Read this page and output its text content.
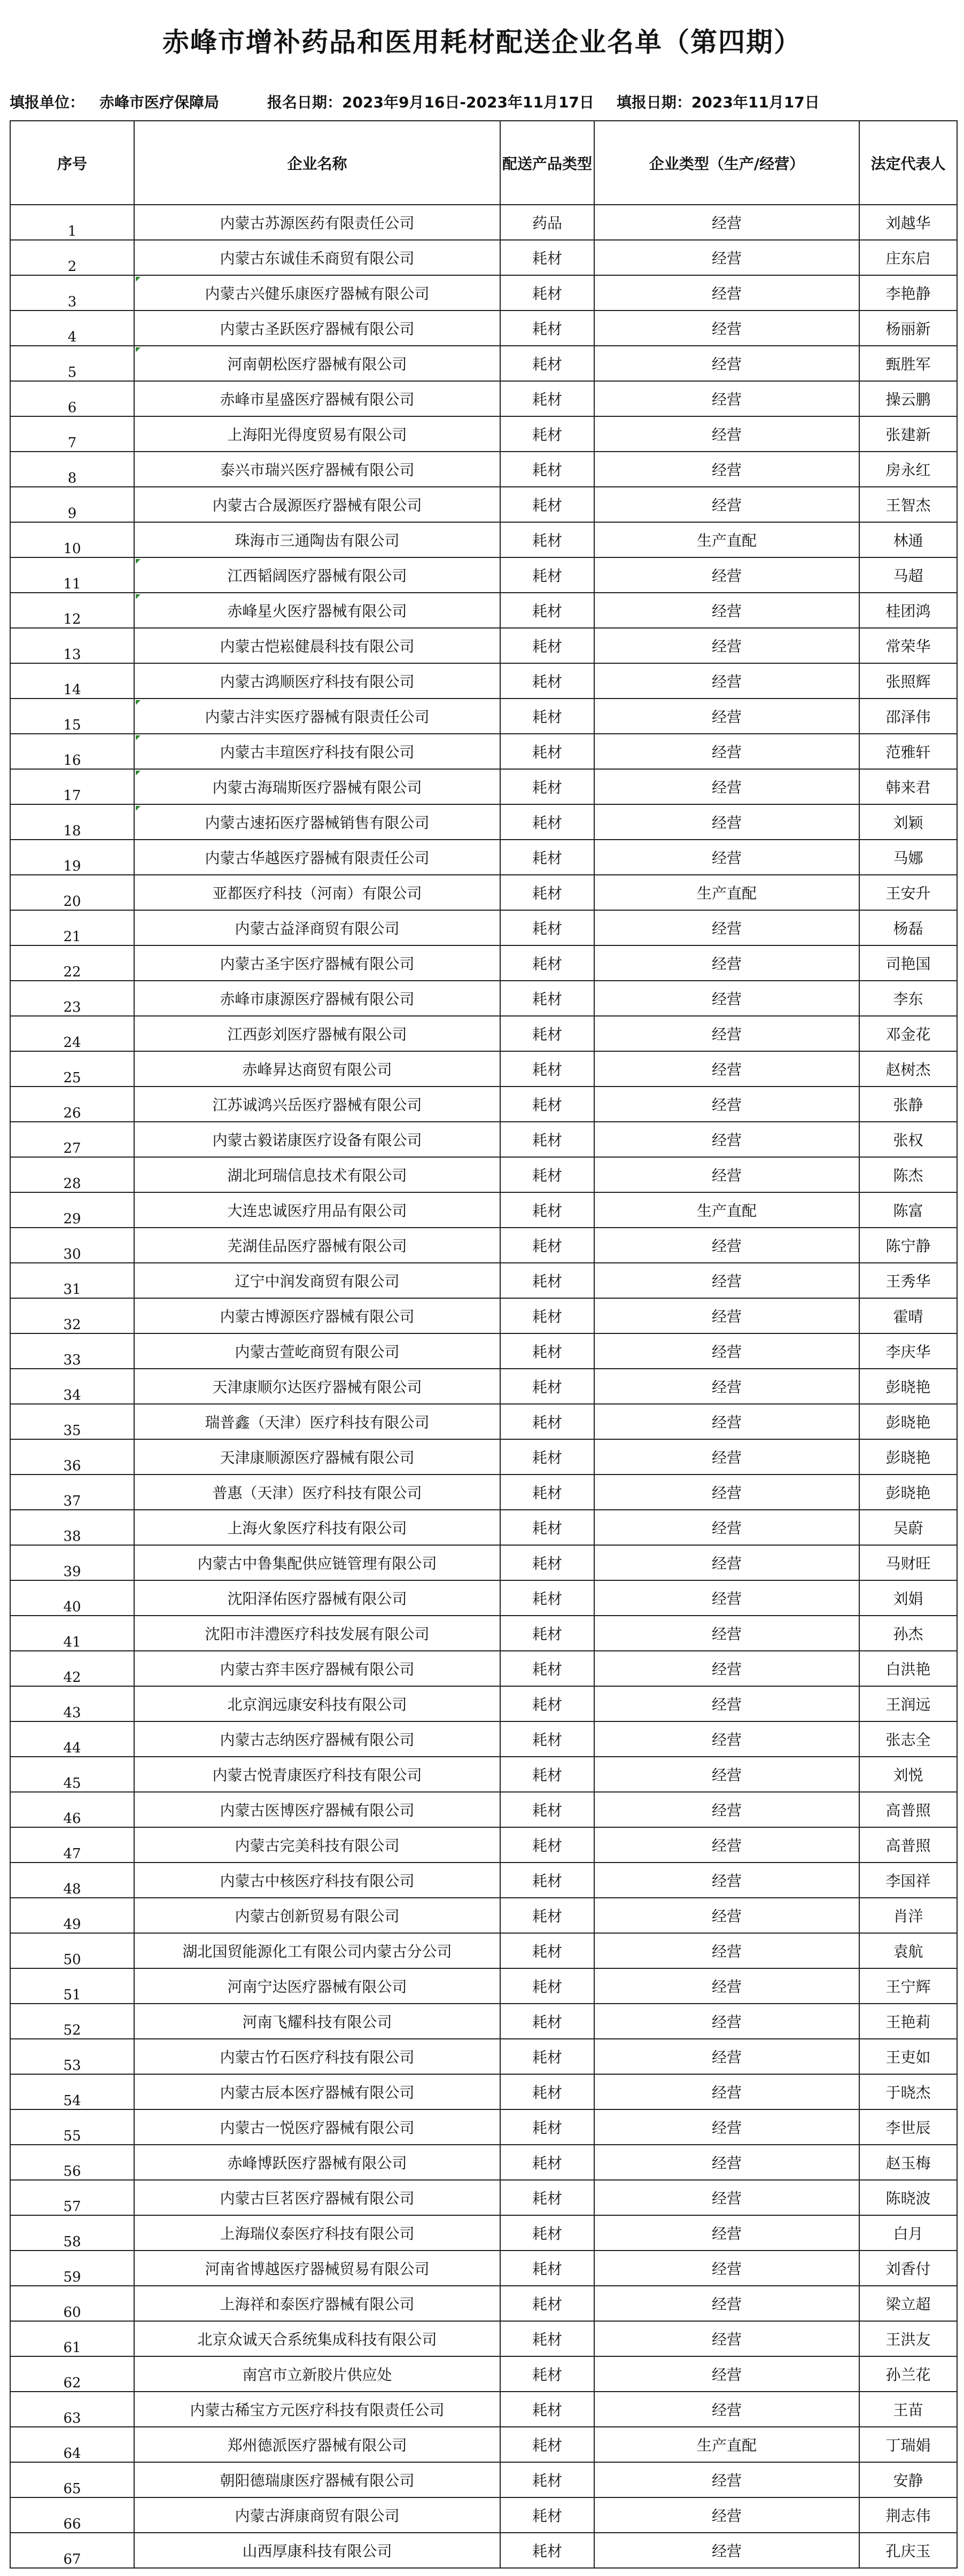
赤峰市增补药品和医用耗材配送企业名单（第四期）
填报单位： 赤峰市医疗保障局	报名日期： 2023年9月16日-2023年11月17日 填报日期： 2023年11月17日
序号	企业名称	配送产品类型	企业类型（生产/经营）	法定代表人
1	内蒙古苏源医药有限责任公司	药品	经营	刘越华
2	内蒙古东诚佳禾商贸有限公司	耗材	经营	庄东启
3	内蒙古兴健乐康医疗器械有限公司	耗材	经营	李艳静
4	内蒙古圣跃医疗器械有限公司	耗材	经营	杨丽新
5	河南朝松医疗器械有限公司	耗材	经营	甄胜军
6	赤峰市星盛医疗器械有限公司	耗材	经营	操云鹏
7	上海阳光得度贸易有限公司	耗材	经营	张建新
8	泰兴市瑞兴医疗器械有限公司	耗材	经营	房永红
9	内蒙古合晟源医疗器械有限公司	耗材	经营	王智杰
10	珠海市三通陶齿有限公司	耗材	生产直配	林通
11	江西韬阔医疗器械有限公司	耗材	经营	马超
12	赤峰星火医疗器械有限公司	耗材	经营	桂团鸿
13	内蒙古恺崧健晨科技有限公司	耗材	经营	常荣华
14	内蒙古鸿顺医疗科技有限公司	耗材	经营	张照辉
15	内蒙古沣实医疗器械有限责任公司	耗材	经营	邵泽伟
16	内蒙古丰瑄医疗科技有限公司	耗材	经营	范雅轩
17	内蒙古海瑞斯医疗器械有限公司	耗材	经营	韩来君
18	内蒙古速拓医疗器械销售有限公司	耗材	经营	刘颖
19	内蒙古华越医疗器械有限责任公司	耗材	经营	马娜
20	亚都医疗科技（河南）有限公司	耗材	生产直配	王安升
21	内蒙古益泽商贸有限公司	耗材	经营	杨磊
22	内蒙古圣宇医疗器械有限公司	耗材	经营	司艳国
23	赤峰市康源医疗器械有限公司	耗材	经营	李东
24	江西彭刘医疗器械有限公司	耗材	经营	邓金花
25	赤峰昇达商贸有限公司	耗材	经营	赵树杰
26	江苏诚鸿兴岳医疗器械有限公司	耗材	经营	张静
27	内蒙古毅诺康医疗设备有限公司	耗材	经营	张权
28	湖北珂瑞信息技术有限公司	耗材	经营	陈杰
29	大连忠诚医疗用品有限公司	耗材	生产直配	陈富
30	芜湖佳品医疗器械有限公司	耗材	经营	陈宁静
31	辽宁中润发商贸有限公司	耗材	经营	王秀华
32	内蒙古博源医疗器械有限公司	耗材	经营	霍晴
33	内蒙古萱屹商贸有限公司	耗材	经营	李庆华
34	天津康顺尔达医疗器械有限公司	耗材	经营	彭晓艳
35	瑞普鑫（天津）医疗科技有限公司	耗材	经营	彭晓艳
36	天津康顺源医疗器械有限公司	耗材	经营	彭晓艳
37	普惠（天津）医疗科技有限公司	耗材	经营	彭晓艳
38	上海火象医疗科技有限公司	耗材	经营	吴蔚
39	内蒙古中鲁集配供应链管理有限公司	耗材	经营	马财旺
40	沈阳泽佑医疗器械有限公司	耗材	经营	刘娟
41	沈阳市沣澧医疗科技发展有限公司	耗材	经营	孙杰
42	内蒙古弈丰医疗器械有限公司	耗材	经营	白洪艳
43	北京润远康安科技有限公司	耗材	经营	王润远
44	内蒙古志纳医疗器械有限公司	耗材	经营	张志全
45	内蒙古悦青康医疗科技有限公司	耗材	经营	刘悦
46	内蒙古医博医疗器械有限公司	耗材	经营	高普照
47	内蒙古完美科技有限公司	耗材	经营	高普照
48	内蒙古中核医疗科技有限公司	耗材	经营	李国祥
49	内蒙古创新贸易有限公司	耗材	经营	肖洋
50	湖北国贸能源化工有限公司内蒙古分公司	耗材	经营	袁航
51	河南宁达医疗器械有限公司	耗材	经营	王宁辉
52	河南飞耀科技有限公司	耗材	经营	王艳莉
53	内蒙古竹石医疗科技有限公司	耗材	经营	王吏如
54	内蒙古辰本医疗器械有限公司	耗材	经营	于晓杰
55	内蒙古一悦医疗器械有限公司	耗材	经营	李世辰
56	赤峰博跃医疗器械有限公司	耗材	经营	赵玉梅
57	内蒙古巨茗医疗器械有限公司	耗材	经营	陈晓波
58	上海瑞仪泰医疗科技有限公司	耗材	经营	白月
59	河南省博越医疗器械贸易有限公司	耗材	经营	刘香付
60	上海祥和泰医疗器械有限公司	耗材	经营	梁立超
61	北京众诚天合系统集成科技有限公司	耗材	经营	王洪友
62	南宫市立新胶片供应处	耗材	经营	孙兰花
63	内蒙古稀宝方元医疗科技有限责任公司	耗材	经营	王苗
64	郑州德派医疗器械有限公司	耗材	生产直配	丁瑞娟
65	朝阳德瑞康医疗器械有限公司	耗材	经营	安静
66	内蒙古湃康商贸有限公司	耗材	经营	荆志伟
67	山西厚康科技有限公司	耗材	经营	孔庆玉
